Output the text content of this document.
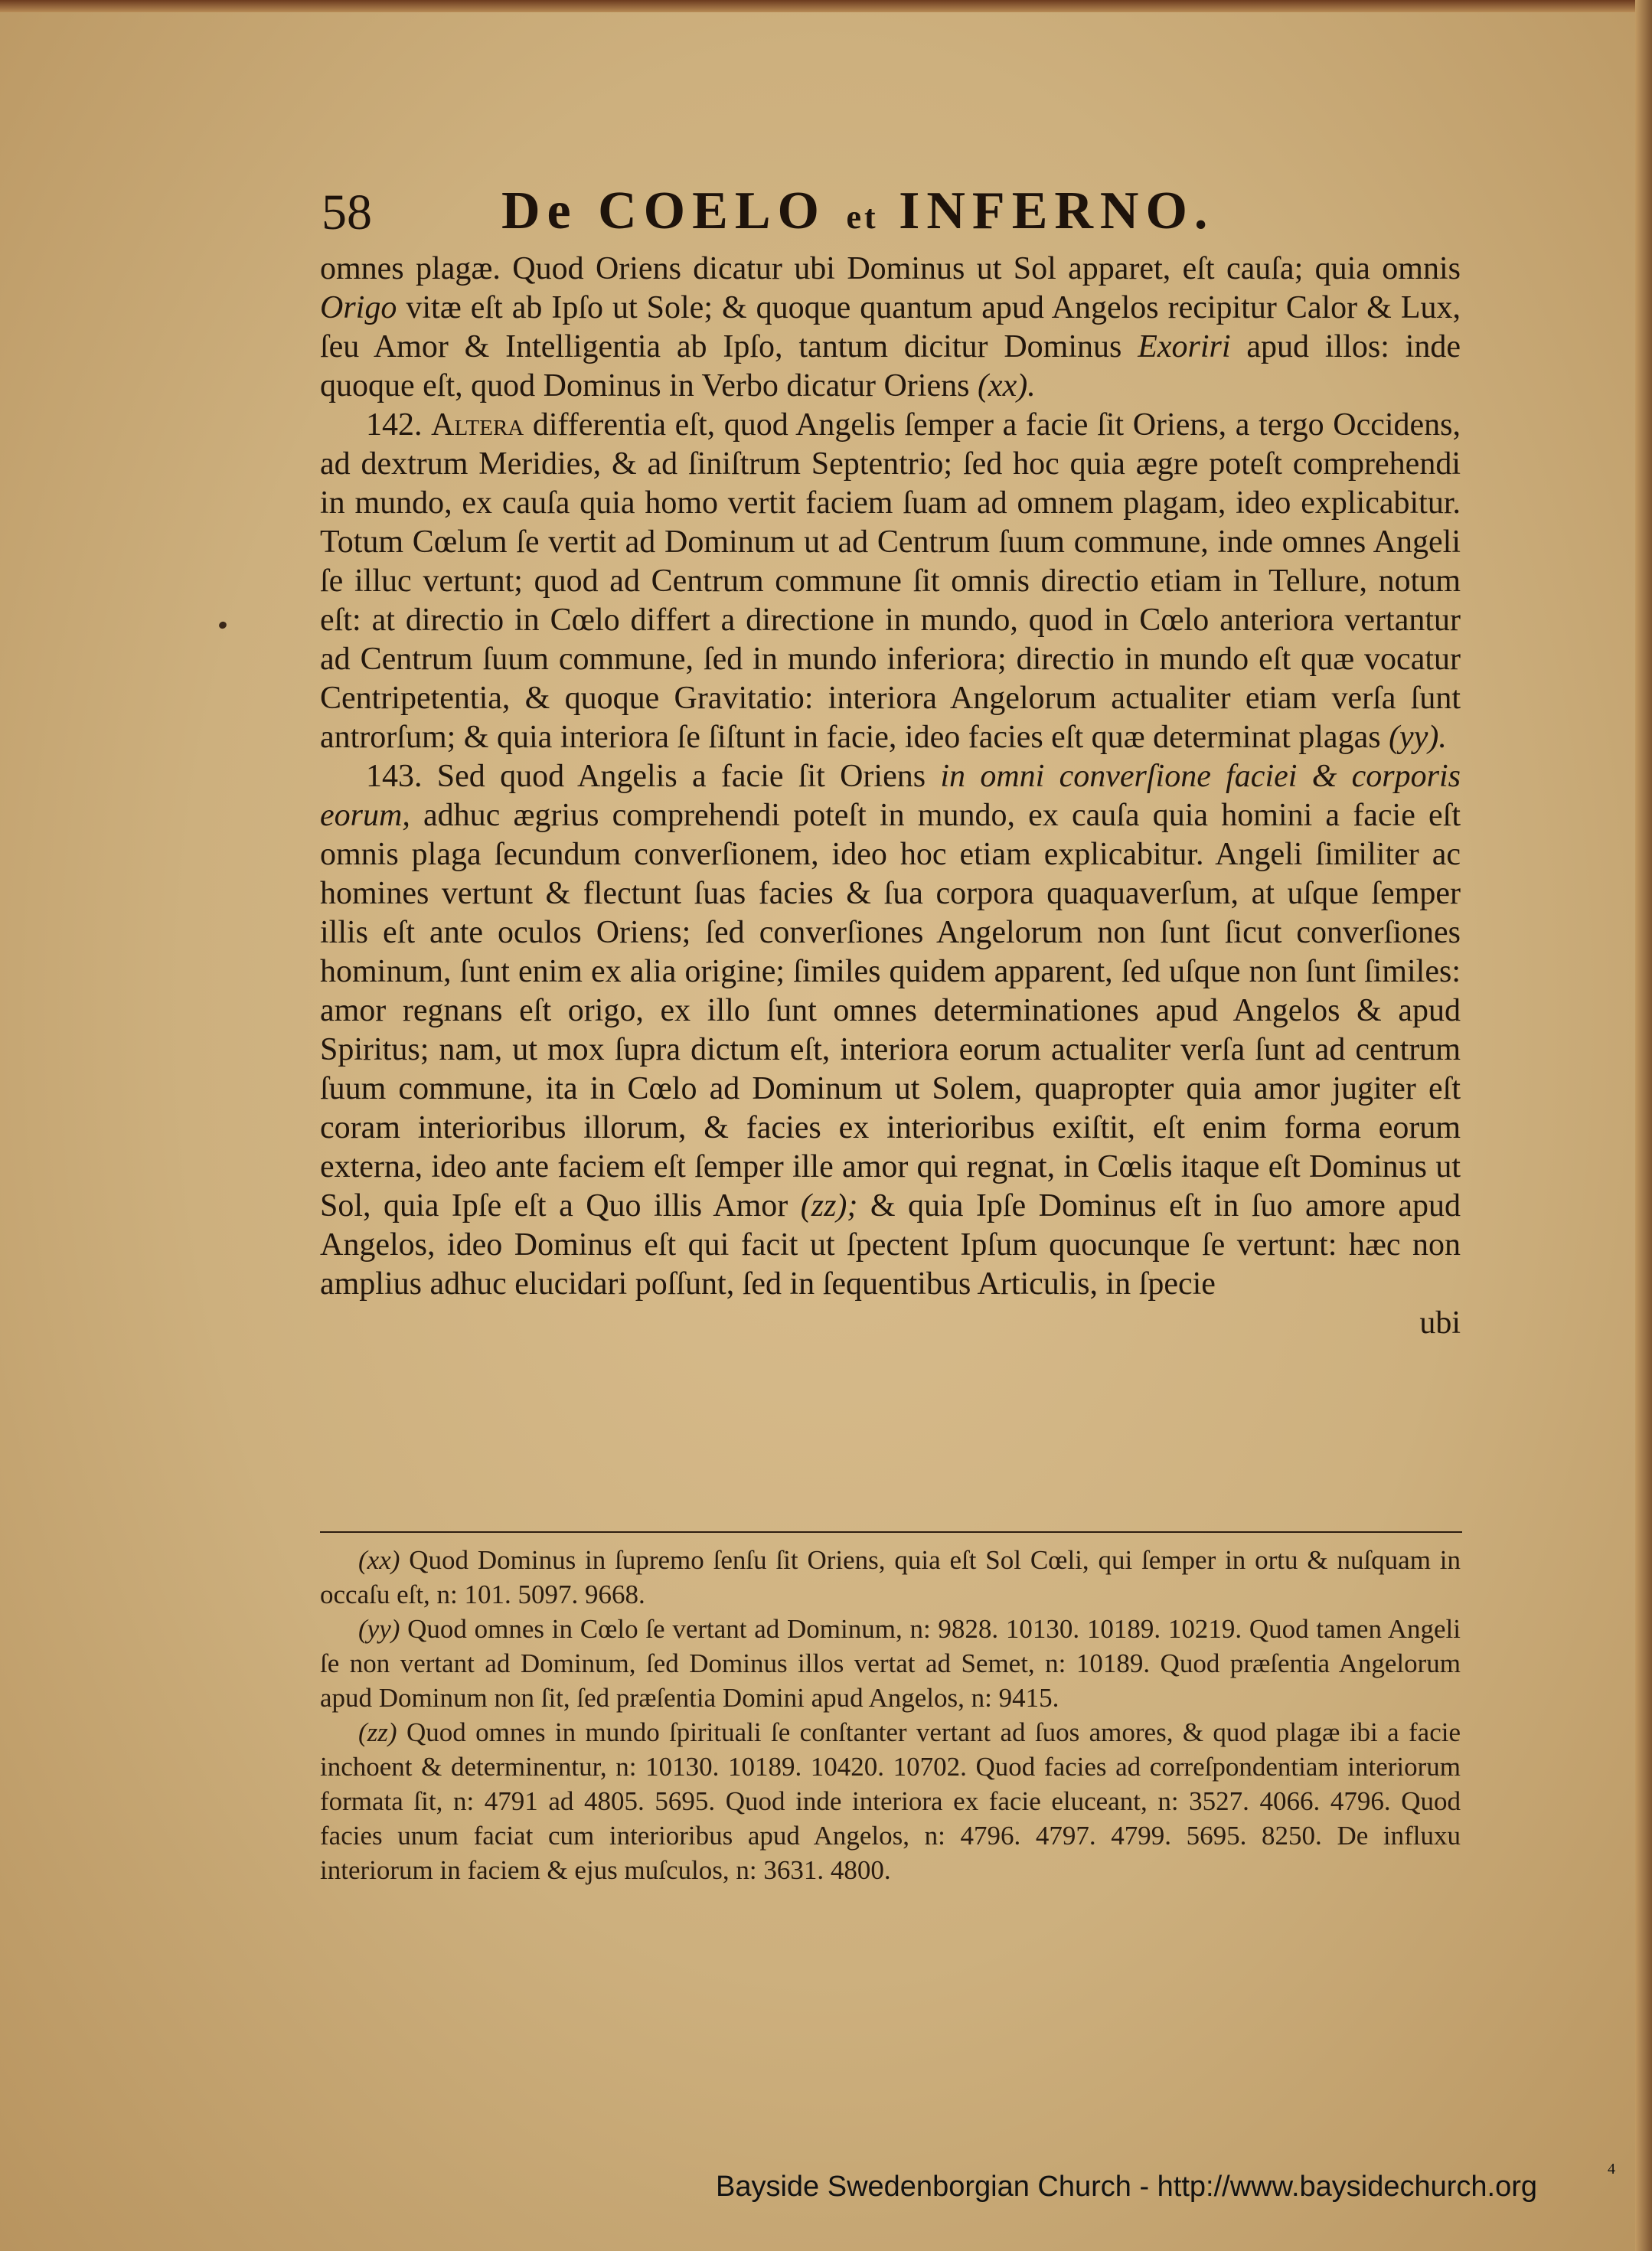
58 De COELO et INFERNO.

omnes plagæ. Quod Oriens dicatur ubi Dominus ut Sol apparet, eſt cauſa; quia omnis Origo vitæ eſt ab Ipſo ut Sole; & quoque quantum apud Angelos recipitur Calor & Lux, ſeu Amor & Intelligentia ab Ipſo, tantum dicitur Dominus Exoriri apud illos: inde quoque eſt, quod Dominus in Verbo dicatur Oriens (xx).

142. Altera differentia eſt, quod Angelis ſemper a facie ſit Oriens, a tergo Occidens, ad dextrum Meridies, & ad ſiniſtrum Septentrio; ſed hoc quia ægre poteſt comprehendi in mundo, ex cauſa quia homo vertit faciem ſuam ad omnem plagam, ideo explicabitur. Totum Cœlum ſe vertit ad Dominum ut ad Centrum ſuum commune, inde omnes Angeli ſe illuc vertunt; quod ad Centrum commune ſit omnis directio etiam in Tellure, notum eſt: at directio in Cœlo differt a directione in mundo, quod in Cœlo anteriora vertantur ad Centrum ſuum commune, ſed in mundo inferiora; directio in mundo eſt quæ vocatur Centripetentia, & quoque Gravitatio: interiora Angelorum actualiter etiam verſa ſunt antrorſum; & quia interiora ſe ſiſtunt in facie, ideo facies eſt quæ determinat plagas (yy).

143. Sed quod Angelis a facie ſit Oriens in omni converſione faciei & corporis eorum, adhuc ægrius comprehendi poteſt in mundo, ex cauſa quia homini a facie eſt omnis plaga ſecundum converſionem, ideo hoc etiam explicabitur. Angeli ſimiliter ac homines vertunt & flectunt ſuas facies & ſua corpora quaquaverſum, at uſque ſemper illis eſt ante oculos Oriens; ſed converſiones Angelorum non ſunt ſicut converſiones hominum, ſunt enim ex alia origine; ſimiles quidem apparent, ſed uſque non ſunt ſimiles: amor regnans eſt origo, ex illo ſunt omnes determinationes apud Angelos & apud Spiritus; nam, ut mox ſupra dictum eſt, interiora eorum actualiter verſa ſunt ad centrum ſuum commune, ita in Cœlo ad Dominum ut Solem, quapropter quia amor jugiter eſt coram interioribus illorum, & facies ex interioribus exiſtit, eſt enim forma eorum externa, ideo ante faciem eſt ſemper ille amor qui regnat, in Cœlis itaque eſt Dominus ut Sol, quia Ipſe eſt a Quo illis Amor (zz); & quia Ipſe Dominus eſt in ſuo amore apud Angelos, ideo Dominus eſt qui facit ut ſpectent Ipſum quocunque ſe vertunt: hæc non amplius adhuc elucidari poſſunt, ſed in ſequentibus Articulis, in ſpecie

ubi

(xx) Quod Dominus in ſupremo ſenſu ſit Oriens, quia eſt Sol Cœli, qui ſemper in ortu & nuſquam in occaſu eſt, n: 101. 5097. 9668.

(yy) Quod omnes in Cœlo ſe vertant ad Dominum, n: 9828. 10130. 10189. 10219. Quod tamen Angeli ſe non vertant ad Dominum, ſed Dominus illos vertat ad Semet, n: 10189. Quod præſentia Angelorum apud Dominum non ſit, ſed præſentia Domini apud Angelos, n: 9415.

(zz) Quod omnes in mundo ſpirituali ſe conſtanter vertant ad ſuos amores, & quod plagæ ibi a facie inchoent & determinentur, n: 10130. 10189. 10420. 10702. Quod facies ad correſpondentiam interiorum formata ſit, n: 4791 ad 4805. 5695. Quod inde interiora ex facie eluceant, n: 3527. 4066. 4796. Quod facies unum faciat cum interioribus apud Angelos, n: 4796. 4797. 4799. 5695. 8250. De influxu interiorum in faciem & ejus muſculos, n: 3631. 4800.

Bayside Swedenborgian Church - http://www.baysidechurch.org
4
